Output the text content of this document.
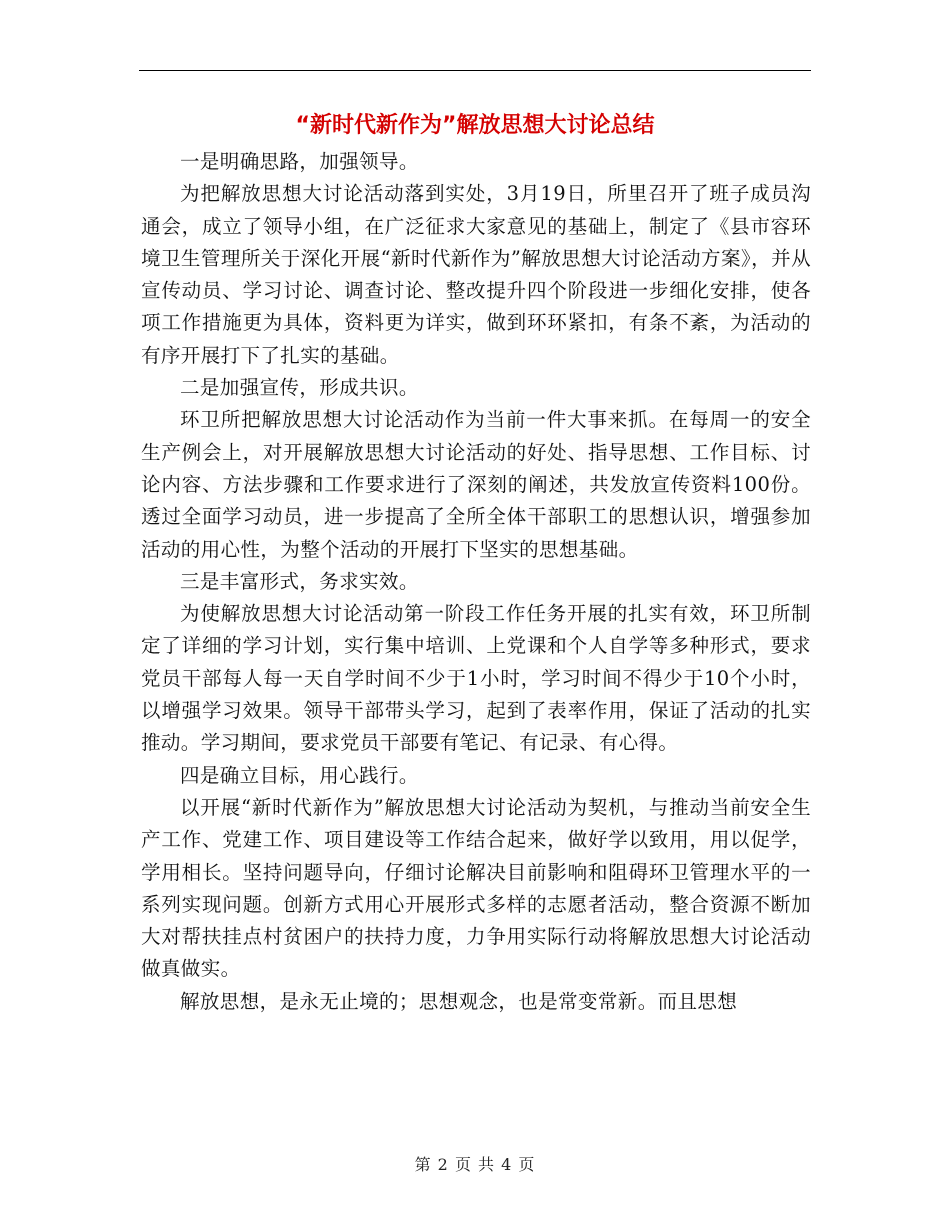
“新时代新作为”解放思想大讨论总结

一是明确思路，加强领导。

为把解放思想大讨论活动落到实处，3月19日，所里召开了班子成员沟通会，成立了领导小组，在广泛征求大家意见的基础上，制定了《县市容环境卫生管理所关于深化开展“新时代新作为”解放思想大讨论活动方案》，并从宣传动员、学习讨论、调查讨论、整改提升四个阶段进一步细化安排，使各项工作措施更为具体，资料更为详实，做到环环紧扣，有条不紊，为活动的有序开展打下了扎实的基础。

二是加强宣传，形成共识。

环卫所把解放思想大讨论活动作为当前一件大事来抓。在每周一的安全生产例会上，对开展解放思想大讨论活动的好处、指导思想、工作目标、讨论内容、方法步骤和工作要求进行了深刻的阐述，共发放宣传资料100份。透过全面学习动员，进一步提高了全所全体干部职工的思想认识，增强参加活动的用心性，为整个活动的开展打下坚实的思想基础。

三是丰富形式，务求实效。

为使解放思想大讨论活动第一阶段工作任务开展的扎实有效，环卫所制定了详细的学习计划，实行集中培训、上党课和个人自学等多种形式，要求党员干部每人每一天自学时间不少于1小时，学习时间不得少于10个小时，以增强学习效果。领导干部带头学习，起到了表率作用，保证了活动的扎实推动。学习期间，要求党员干部要有笔记、有记录、有心得。

四是确立目标，用心践行。

以开展“新时代新作为”解放思想大讨论活动为契机，与推动当前安全生产工作、党建工作、项目建设等工作结合起来，做好学以致用，用以促学，学用相长。坚持问题导向，仔细讨论解决目前影响和阻碍环卫管理水平的一系列实现问题。创新方式用心开展形式多样的志愿者活动，整合资源不断加大对帮扶挂点村贫困户的扶持力度，力争用实际行动将解放思想大讨论活动做真做实。

解放思想，是永无止境的；思想观念，也是常变常新。而且思想

第 2 页 共 4 页
